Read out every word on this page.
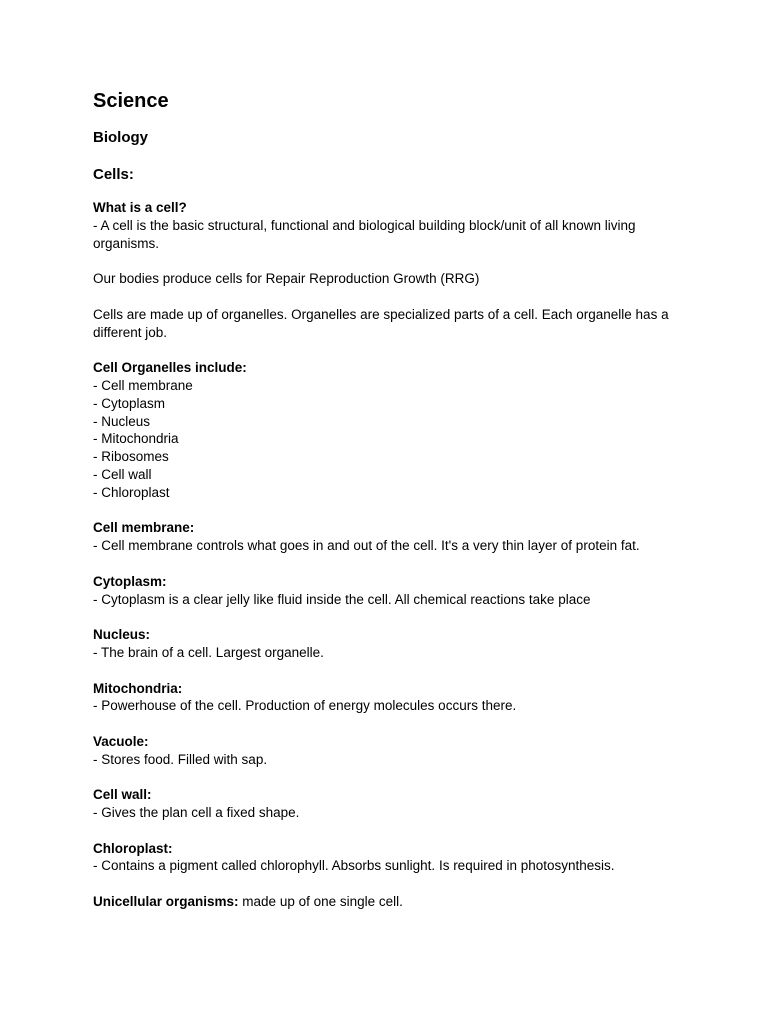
Science
Biology
Cells:
What is a cell?
- A cell is the basic structural, functional and biological building block/unit of all known living organisms.
Our bodies produce cells for Repair Reproduction Growth (RRG)
Cells are made up of organelles. Organelles are specialized parts of a cell. Each organelle has a different job.
Cell Organelles include:
- Cell membrane
- Cytoplasm
- Nucleus
- Mitochondria
- Ribosomes
- Cell wall
- Chloroplast
Cell membrane:
- Cell membrane controls what goes in and out of the cell. It's a very thin layer of protein fat.
Cytoplasm:
- Cytoplasm is a clear jelly like fluid inside the cell. All chemical reactions take place
Nucleus:
- The brain of a cell. Largest organelle.
Mitochondria:
- Powerhouse of the cell. Production of energy molecules occurs there.
Vacuole:
- Stores food. Filled with sap.
Cell wall:
- Gives the plan cell a fixed shape.
Chloroplast:
- Contains a pigment called chlorophyll. Absorbs sunlight. Is required in photosynthesis.
Unicellular organisms: made up of one single cell.
